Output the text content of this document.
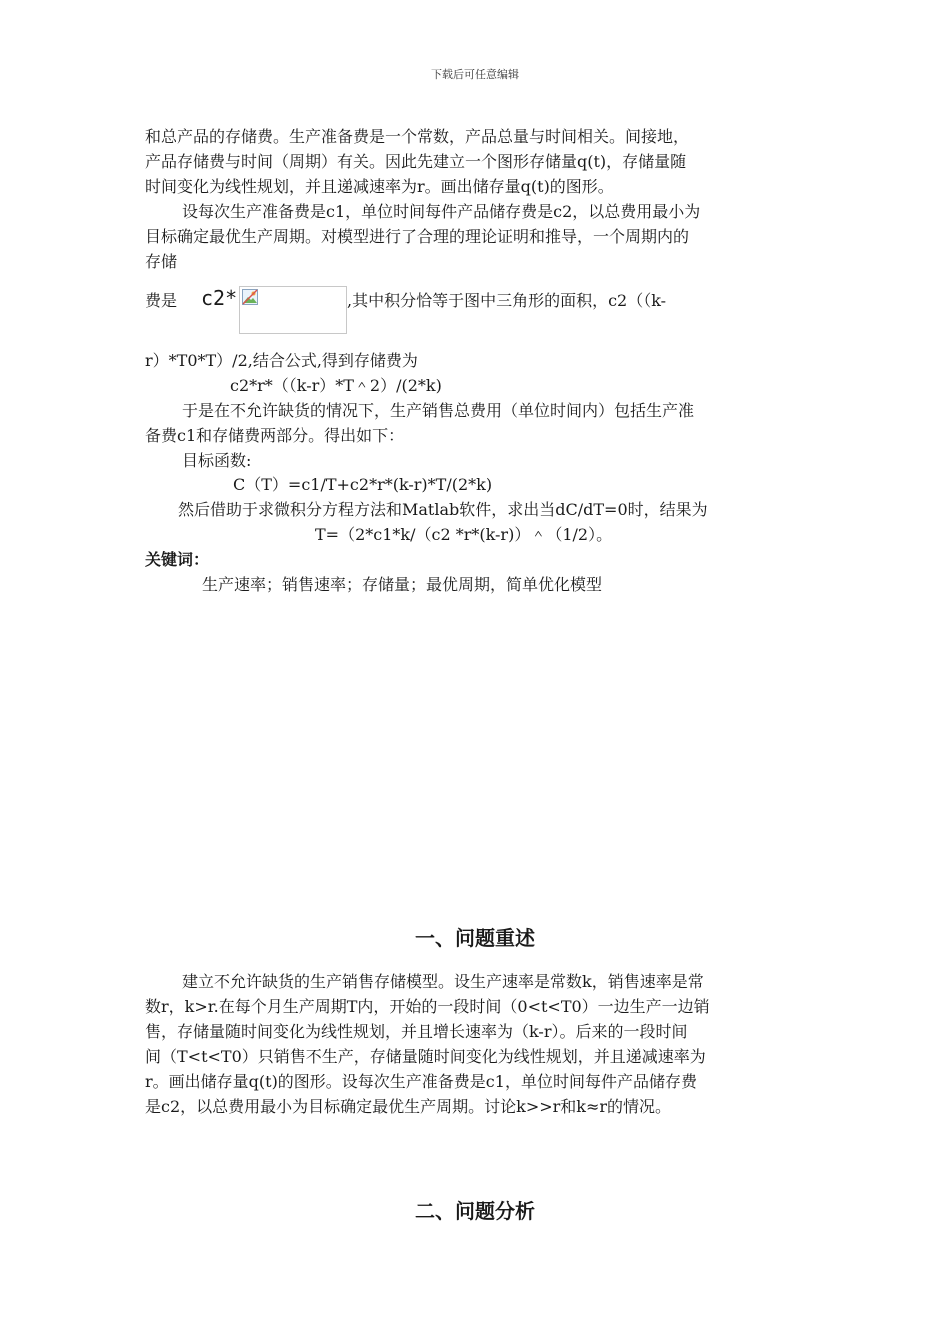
下载后可任意编辑
和总产品的存储费。生产准备费是一个常数，产品总量与时间相关。间接地，
产品存储费与时间（周期）有关。因此先建立一个图形存储量q(t)，存储量随
时间变化为线性规划，并且递减速率为r。画出储存量q(t)的图形。
设每次生产准备费是c1，单位时间每件产品储存费是c2，以总费用最小为
目标确定最优生产周期。对模型进行了合理的理论证明和推导，一个周期内的
存储
费是 c2*	,其中积分恰等于图中三角形的面积，c2（（k-
r）*T0*T）/2,结合公式,得到存储费为
c2*r*（（k-r）*T＾2）/(2*k)
于是在不允许缺货的情况下，生产销售总费用（单位时间内）包括生产准
备费c1和存储费两部分。得出如下：
目标函数:
C（T）=c1/T+c2*r*(k-r)*T/(2*k)
然后借助于求微积分方程方法和Matlab软件，求出当dC/dT=0时，结果为
T=（2*c1*k/（c2 *r*(k-r)）＾（1/2）。
关键词：
生产速率；销售速率；存储量；最优周期，简单优化模型
一、问题重述
建立不允许缺货的生产销售存储模型。设生产速率是常数k，销售速率是常
数r，k>r.在每个月生产周期T内，开始的一段时间（0<t<T0）一边生产一边销
售，存储量随时间变化为线性规划，并且增长速率为（k-r）。后来的一段时间
间（T<t<T0）只销售不生产，存储量随时间变化为线性规划，并且递减速率为
r。画出储存量q(t)的图形。设每次生产准备费是c1，单位时间每件产品储存费
是c2，以总费用最小为目标确定最优生产周期。讨论k>>r和k≈r的情况。
二、问题分析
